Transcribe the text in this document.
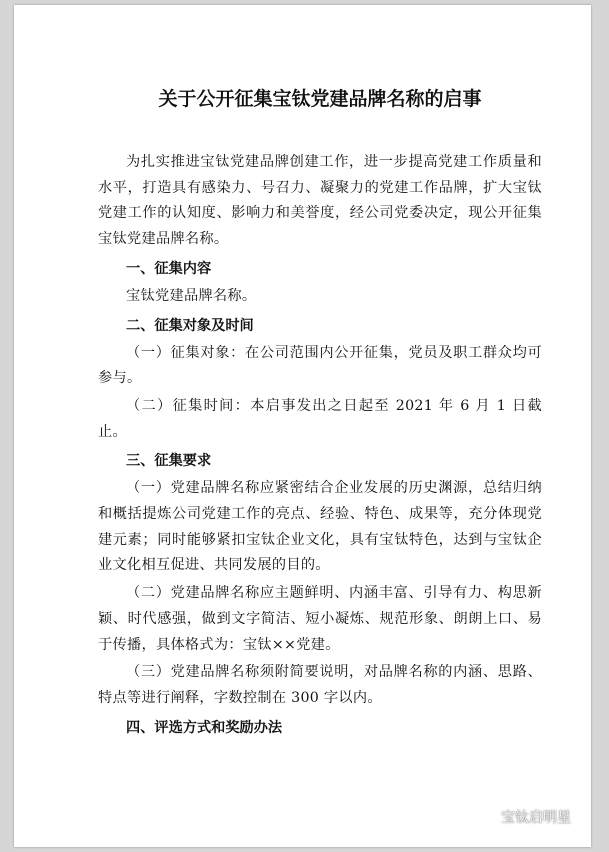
关于公开征集宝钛党建品牌名称的启事

为扎实推进宝钛党建品牌创建工作，进一步提高党建工作质量和水平，打造具有感染力、号召力、凝聚力的党建工作品牌，扩大宝钛党建工作的认知度、影响力和美誉度，经公司党委决定，现公开征集宝钛党建品牌名称。

一、征集内容

宝钛党建品牌名称。

二、征集对象及时间

（一）征集对象：在公司范围内公开征集，党员及职工群众均可参与。

（二）征集时间：本启事发出之日起至 2021 年 6 月 1 日截止。

三、征集要求

（一）党建品牌名称应紧密结合企业发展的历史渊源，总结归纳和概括提炼公司党建工作的亮点、经验、特色、成果等，充分体现党建元素；同时能够紧扣宝钛企业文化，具有宝钛特色，达到与宝钛企业文化相互促进、共同发展的目的。

（二）党建品牌名称应主题鲜明、内涵丰富、引导有力、构思新颖、时代感强，做到文字简洁、短小凝炼、规范形象、朗朗上口、易于传播，具体格式为：宝钛××党建。

（三）党建品牌名称须附简要说明，对品牌名称的内涵、思路、特点等进行阐释，字数控制在 300 字以内。

四、评选方式和奖励办法
宝钛启明星
